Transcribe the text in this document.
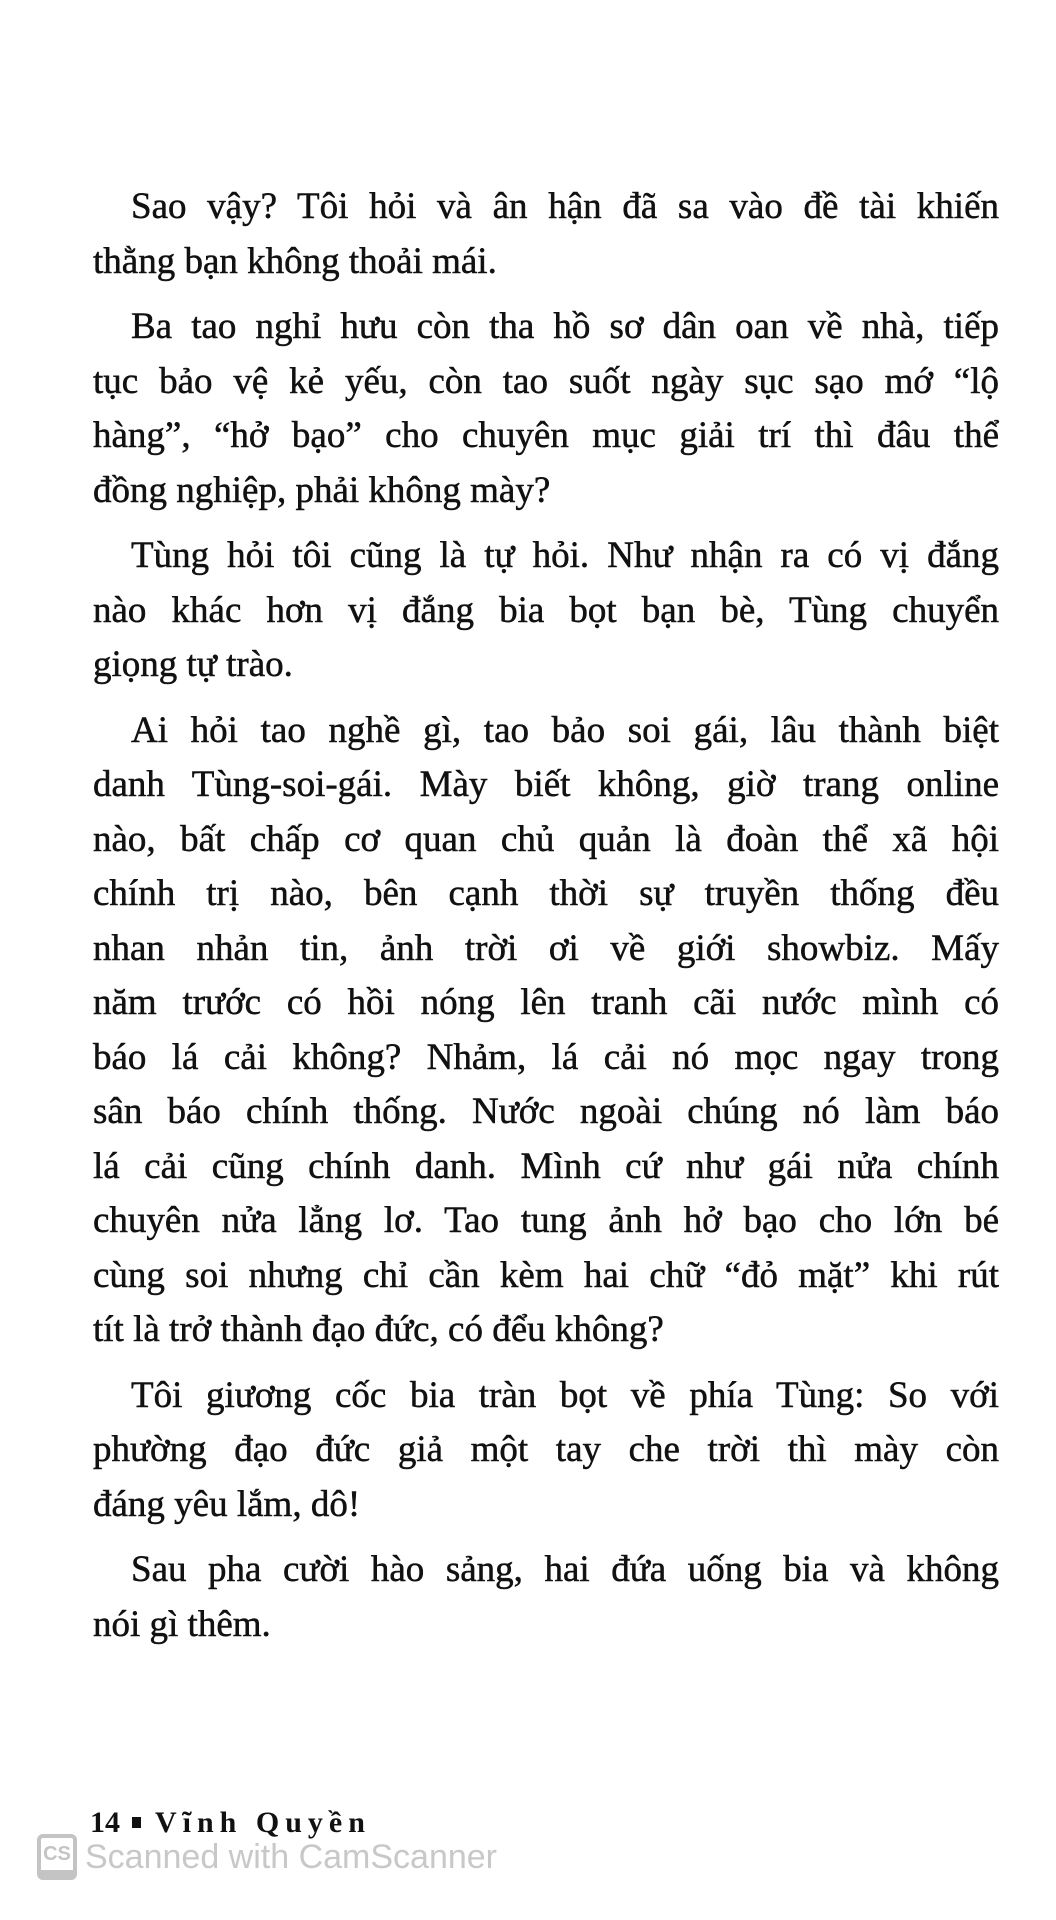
Sao vậy? Tôi hỏi và ân hận đã sa vào đề tài khiến
thằng bạn không thoải mái.
Ba tao nghỉ hưu còn tha hồ sơ dân oan về nhà, tiếp
tục bảo vệ kẻ yếu, còn tao suốt ngày sục sạo mớ “lộ
hàng”, “hở bạo” cho chuyên mục giải trí thì đâu thể
đồng nghiệp, phải không mày?
Tùng hỏi tôi cũng là tự hỏi. Như nhận ra có vị đắng
nào khác hơn vị đắng bia bọt bạn bè, Tùng chuyển
giọng tự trào.
Ai hỏi tao nghề gì, tao bảo soi gái, lâu thành biệt
danh Tùng-soi-gái. Mày biết không, giờ trang online
nào, bất chấp cơ quan chủ quản là đoàn thể xã hội
chính trị nào, bên cạnh thời sự truyền thống đều
nhan nhản tin, ảnh trời ơi về giới showbiz. Mấy
năm trước có hồi nóng lên tranh cãi nước mình có
báo lá cải không? Nhảm, lá cải nó mọc ngay trong
sân báo chính thống. Nước ngoài chúng nó làm báo
lá cải cũng chính danh. Mình cứ như gái nửa chính
chuyên nửa lẳng lơ. Tao tung ảnh hở bạo cho lớn bé
cùng soi nhưng chỉ cần kèm hai chữ “đỏ mặt” khi rút
tít là trở thành đạo đức, có đểu không?
Tôi giương cốc bia tràn bọt về phía Tùng: So với
phường đạo đức giả một tay che trời thì mày còn
đáng yêu lắm, dô!
Sau pha cười hào sảng, hai đứa uống bia và không
nói gì thêm.
14 Vĩnh Quyền
CS Scanned with CamScanner
